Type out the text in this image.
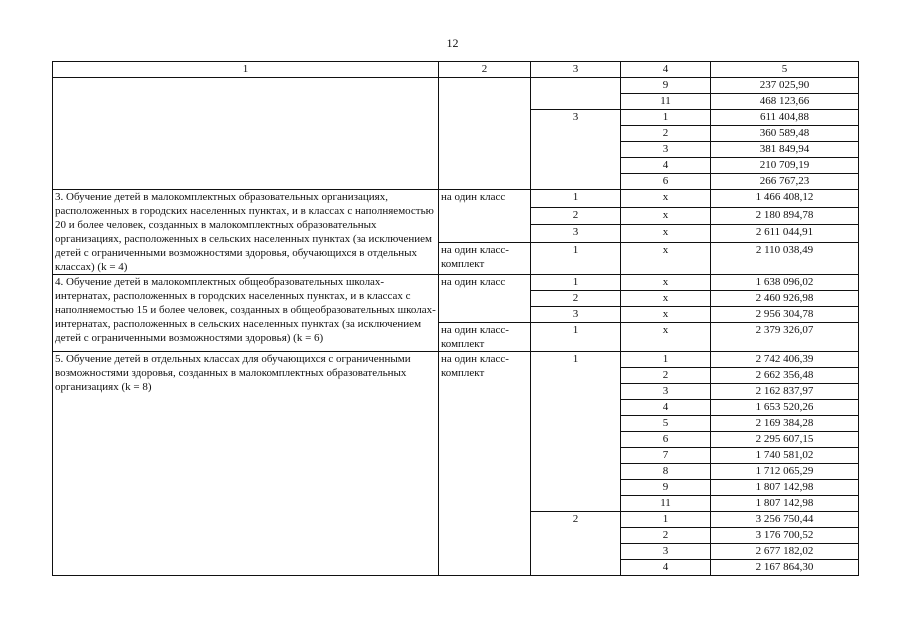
12
1	2	3	4	5
			9	237 025,90
			11	468 123,66
		3	1	611 404,88
			2	360 589,48
			3	381 849,94
			4	210 709,19
			6	266 767,23
3. Обучение детей в малокомплектных образовательных организациях, расположенных в городских населенных пунктах, и в классах с наполняемостью 20 и более человек, созданных в малокомплектных образовательных организациях, расположенных в сельских населенных пунктах (за исключением детей с ограниченными возможностями здоровья, обучающихся в отдельных классах) (k = 4)	на один класс	1	x	1 466 408,12
		2	x	2 180 894,78
		3	x	2 611 044,91
	на один класс-комплект	1	x	2 110 038,49
4. Обучение детей в малокомплектных общеобразовательных школах-интернатах, расположенных в городских населенных пунктах, и в классах с наполняемостью 15 и более человек, созданных в общеобразовательных школах-интернатах, расположенных в сельских населенных пунктах (за исключением детей с ограниченными возможностями здоровья) (k = 6)	на один класс	1	x	1 638 096,02
		2	x	2 460 926,98
		3	x	2 956 304,78
	на один класс-комплект	1	x	2 379 326,07
5. Обучение детей в отдельных классах для обучающихся с ограниченными возможностями здоровья, созданных в малокомплектных образовательных организациях (k = 8)	на один класс-комплект	1	1	2 742 406,39
			2	2 662 356,48
			3	2 162 837,97
			4	1 653 520,26
			5	2 169 384,28
			6	2 295 607,15
			7	1 740 581,02
			8	1 712 065,29
			9	1 807 142,98
			11	1 807 142,98
		2	1	3 256 750,44
			2	3 176 700,52
			3	2 677 182,02
			4	2 167 864,30
